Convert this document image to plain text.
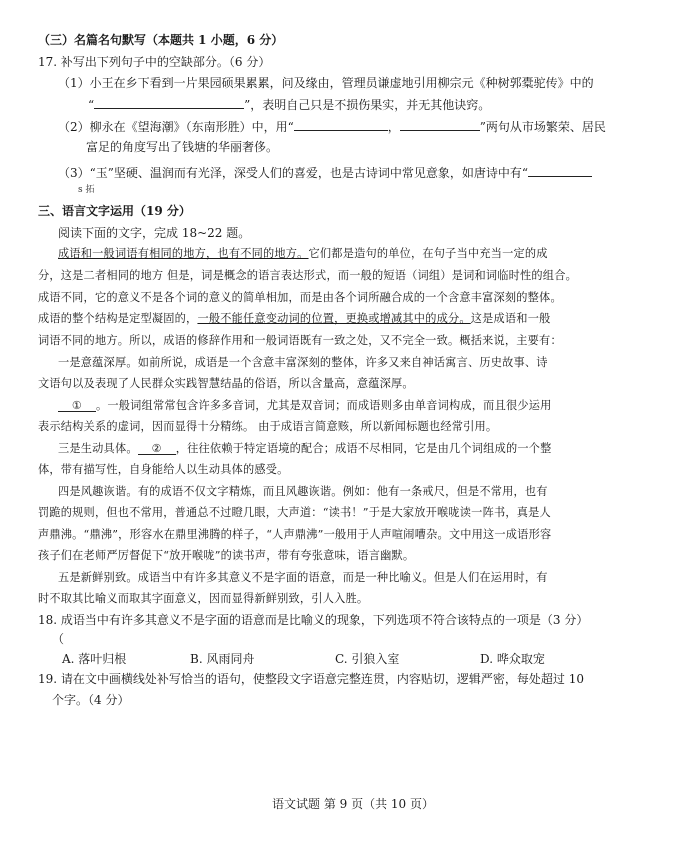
（三）名篇名句默写（本题共 1 小题，6 分）
17. 补写出下列句子中的空缺部分。（6 分）
（1）小王在乡下看到一片果园硕果累累，问及缘由，管理员谦虚地引用柳宗元《种树郭橐驼传》中的
“	”，表明自己只是不损伤果实，并无其他诀窍。
（2）柳永在《望海潮》（东南形胜）中，用“	，	”两句从市场繁荣、居民
富足的角度写出了钱塘的华丽奢侈。
（3）“玉”坚硬、温润而有光泽，深受人们的喜爱，也是古诗词中常见意象，如唐诗中有“
s 拓
三、语言文字运用（19 分）
阅读下面的文字，完成 18~22 题。
成语和一般词语有相同的地方，也有不同的地方。它们都是造句的单位，在句子当中充当一定的成
分，这是二者相同的地方 但是，词是概念的语言表达形式，而一般的短语（词组）是词和词临时性的组合。
成语不同，它的意义不是各个词的意义的简单相加，而是由各个词所融合成的一个含意丰富深刻的整体。
成语的整个结构是定型凝固的，一般不能任意变动词的位置，更换或增减其中的成分。这是成语和一般
词语不同的地方。所以，成语的修辞作用和一般词语既有一致之处，又不完全一致。概括来说，主要有：
一是意蕴深厚。如前所说，成语是一个含意丰富深刻的整体，许多又来自神话寓言、历史故事、诗
文语句以及表现了人民群众实践智慧结晶的俗语，所以含量高，意蕴深厚。
① 。一般词组常常包含许多多音词，尤其是双音词；而成语则多由单音词构成，而且很少运用
表示结构关系的虚词，因而显得十分精练。 由于成语言简意赅，所以新闻标题也经常引用。
三是生动具体。 ② ，往往依赖于特定语境的配合；成语不尽相同，它是由几个词组成的一个整
体，带有描写性，自身能给人以生动具体的感受。
四是风趣诙谐。有的成语不仅文字精炼，而且风趣诙谐。例如：他有一条戒尺，但是不常用，也有
罚跪的规则，但也不常用，普通总不过瞪几眼，大声道：“读书！”于是大家放开喉咙读一阵书，真是人
声鼎沸。“鼎沸”，形容水在鼎里沸腾的样子，“人声鼎沸”一般用于人声喧闹嘈杂。文中用这一成语形容
孩子们在老师严厉督促下“放开喉咙”的读书声，带有夸张意味，语言幽默。
五是新鲜别致。成语当中有许多其意义不是字面的语意，而是一种比喻义。但是人们在运用时，有
时不取其比喻义而取其字面意义，因而显得新鲜别致，引人入胜。
18. 成语当中有许多其意义不是字面的语意而是比喻义的现象，下列选项不符合该特点的一项是（3 分）
（
A. 落叶归根	B. 风雨同舟	C. 引狼入室	D. 哗众取宠
19. 请在文中画横线处补写恰当的语句，使整段文字语意完整连贯，内容贴切，逻辑严密，每处超过 10
个字。（4 分）
语文试题 第 9 页（共 10 页）
